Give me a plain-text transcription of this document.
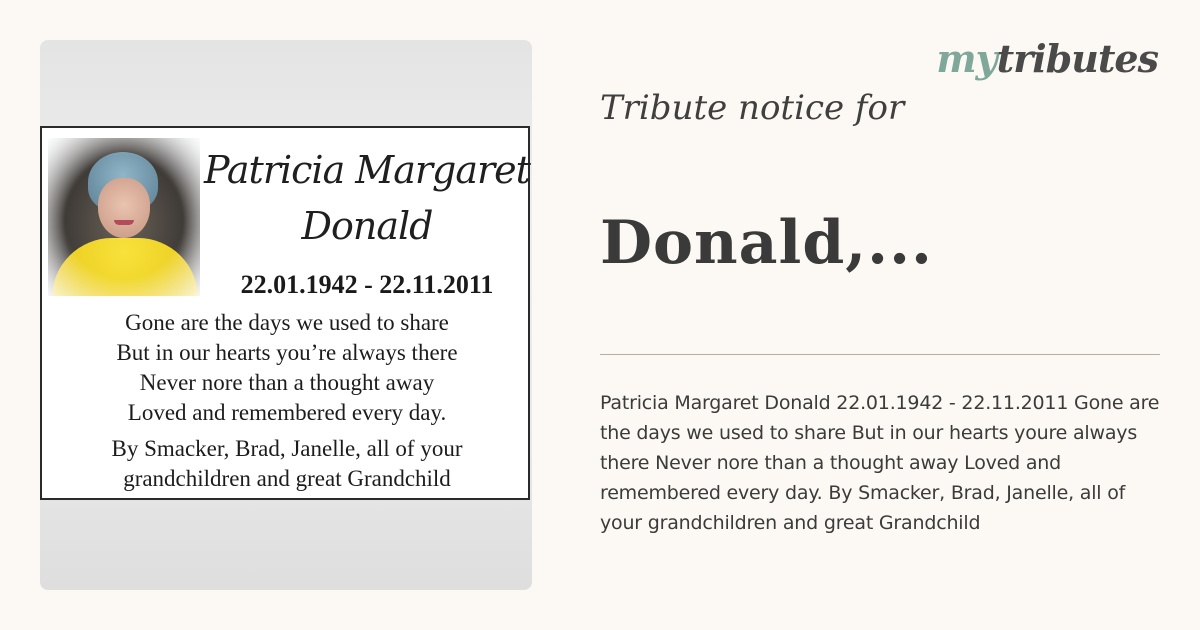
Patricia Margaret
Donald
22.01.1942 - 22.11.2011
Gone are the days we used to share
But in our hearts you’re always there
Never nore than a thought away
Loved and remembered every day.
By Smacker, Brad, Janelle, all of your
grandchildren and great Grandchild
mytributes
Tribute notice for
Donald,...
Patricia Margaret Donald 22.01.1942 - 22.11.2011 Gone are the days we used to share But in our hearts youre always there Never nore than a thought away Loved and remembered every day. By Smacker, Brad, Janelle, all of your grandchildren and great Grandchild
